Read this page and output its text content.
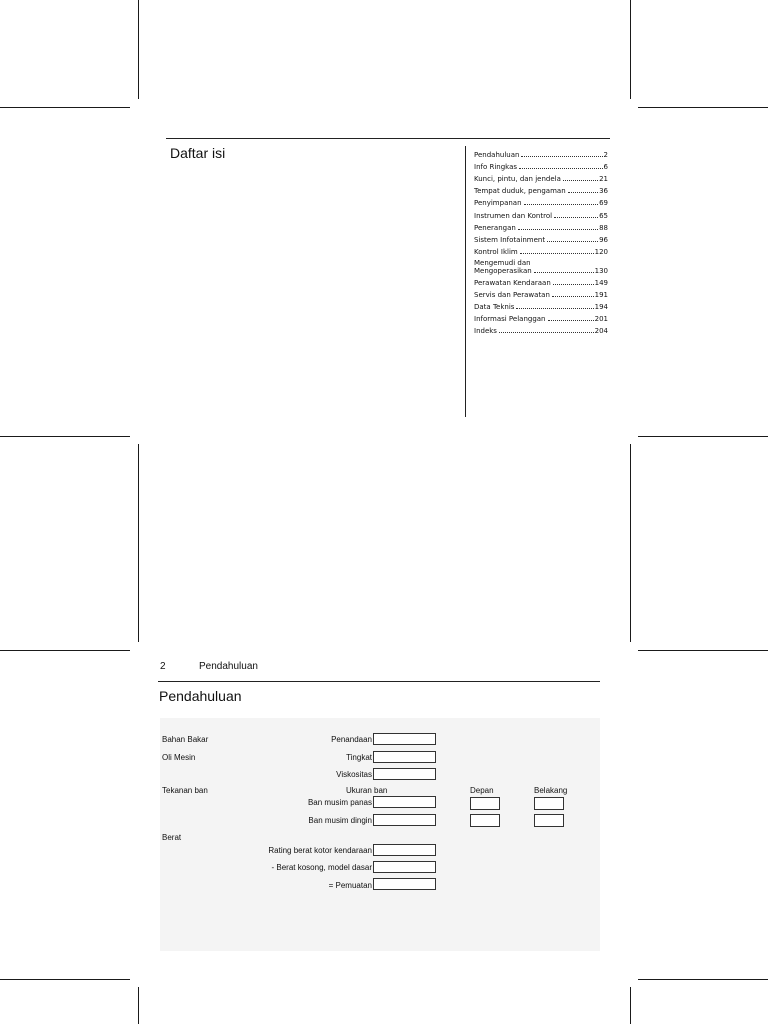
Daftar isi	Pendahuluan	2
Info Ringkas	6
Kunci, pintu, dan jendela	21
Tempat duduk, pengaman	36
Penyimpanan	69
Instrumen dan Kontrol	65
Penerangan	88
Sistem Infotainment	96
Kontrol Iklim	120
Mengemudi dan
Mengoperasikan	130
Perawatan Kendaraan	149
Servis dan Perawatan	191
Data Teknis	194
Informasi Pelanggan	201
Indeks	204
2	Pendahuluan
Pendahuluan
Bahan Bakar	Penandaan
Oli Mesin	Tingkat
Viskositas
Tekanan ban	Ukuran ban	Depan	Belakang
Ban musim panas
Ban musim dingin
Berat
Rating berat kotor kendaraan
- Berat kosong, model dasar
= Pemuatan
